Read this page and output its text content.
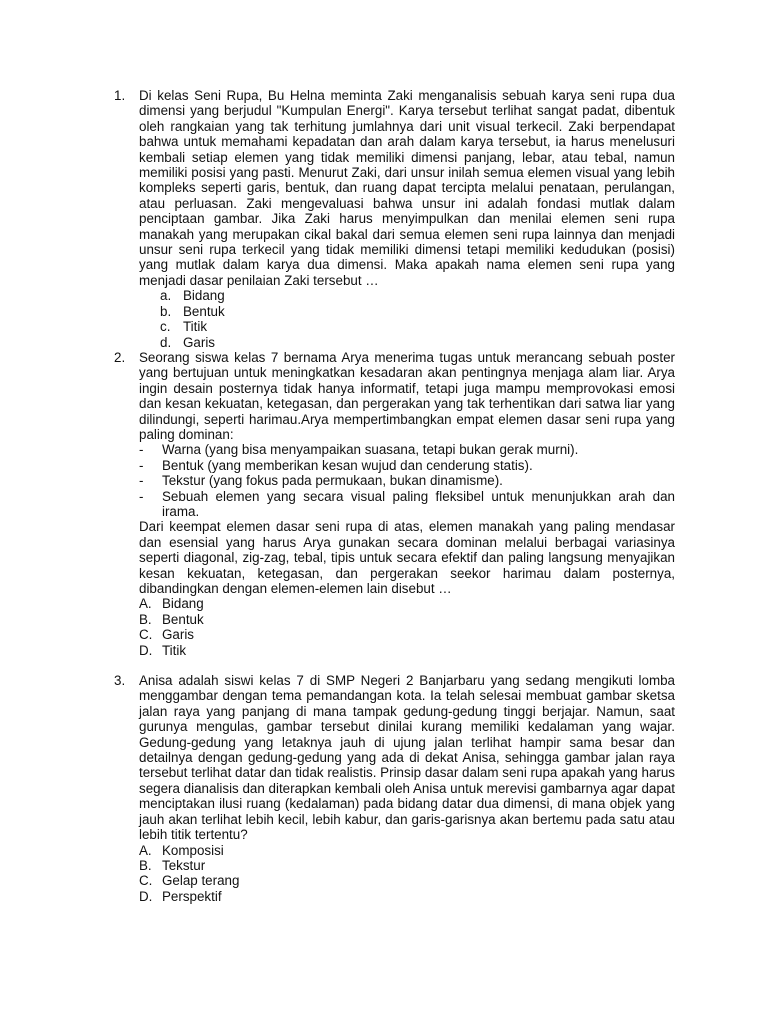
1. Di kelas Seni Rupa, Bu Helna meminta Zaki menganalisis sebuah karya seni rupa dua dimensi yang berjudul "Kumpulan Energi". Karya tersebut terlihat sangat padat, dibentuk oleh rangkaian yang tak terhitung jumlahnya dari unit visual terkecil. Zaki berpendapat bahwa untuk memahami kepadatan dan arah dalam karya tersebut, ia harus menelusuri kembali setiap elemen yang tidak memiliki dimensi panjang, lebar, atau tebal, namun memiliki posisi yang pasti. Menurut Zaki, dari unsur inilah semua elemen visual yang lebih kompleks seperti garis, bentuk, dan ruang dapat tercipta melalui penataan, perulangan, atau perluasan. Zaki mengevaluasi bahwa unsur ini adalah fondasi mutlak dalam penciptaan gambar. Jika Zaki harus menyimpulkan dan menilai elemen seni rupa manakah yang merupakan cikal bakal dari semua elemen seni rupa lainnya dan menjadi unsur seni rupa terkecil yang tidak memiliki dimensi tetapi memiliki kedudukan (posisi) yang mutlak dalam karya dua dimensi. Maka apakah nama elemen seni rupa yang menjadi dasar penilaian Zaki tersebut …

a. Bidang
b. Bentuk
c. Titik
d. Garis
2. Seorang siswa kelas 7 bernama Arya menerima tugas untuk merancang sebuah poster yang bertujuan untuk meningkatkan kesadaran akan pentingnya menjaga alam liar. Arya ingin desain posternya tidak hanya informatif, tetapi juga mampu memprovokasi emosi dan kesan kekuatan, ketegasan, dan pergerakan yang tak terhentikan dari satwa liar yang dilindungi, seperti harimau.Arya mempertimbangkan empat elemen dasar seni rupa yang paling dominan:

- Warna (yang bisa menyampaikan suasana, tetapi bukan gerak murni).
- Bentuk (yang memberikan kesan wujud dan cenderung statis).
- Tekstur (yang fokus pada permukaan, bukan dinamisme).
- Sebuah elemen yang secara visual paling fleksibel untuk menunjukkan arah dan irama.

Dari keempat elemen dasar seni rupa di atas, elemen manakah yang paling mendasar dan esensial yang harus Arya gunakan secara dominan melalui berbagai variasinya seperti diagonal, zig-zag, tebal, tipis untuk secara efektif dan paling langsung menyajikan kesan kekuatan, ketegasan, dan pergerakan seekor harimau dalam posternya, dibandingkan dengan elemen-elemen lain disebut …

A. Bidang
B. Bentuk
C. Garis
D. Titik
3. Anisa adalah siswi kelas 7 di SMP Negeri 2 Banjarbaru yang sedang mengikuti lomba menggambar dengan tema pemandangan kota. Ia telah selesai membuat gambar sketsa jalan raya yang panjang di mana tampak gedung-gedung tinggi berjajar. Namun, saat gurunya mengulas, gambar tersebut dinilai kurang memiliki kedalaman yang wajar. Gedung-gedung yang letaknya jauh di ujung jalan terlihat hampir sama besar dan detailnya dengan gedung-gedung yang ada di dekat Anisa, sehingga gambar jalan raya tersebut terlihat datar dan tidak realistis. Prinsip dasar dalam seni rupa apakah yang harus segera dianalisis dan diterapkan kembali oleh Anisa untuk merevisi gambarnya agar dapat menciptakan ilusi ruang (kedalaman) pada bidang datar dua dimensi, di mana objek yang jauh akan terlihat lebih kecil, lebih kabur, dan garis-garisnya akan bertemu pada satu atau lebih titik tertentu?

A. Komposisi
B. Tekstur
C. Gelap terang
D. Perspektif
